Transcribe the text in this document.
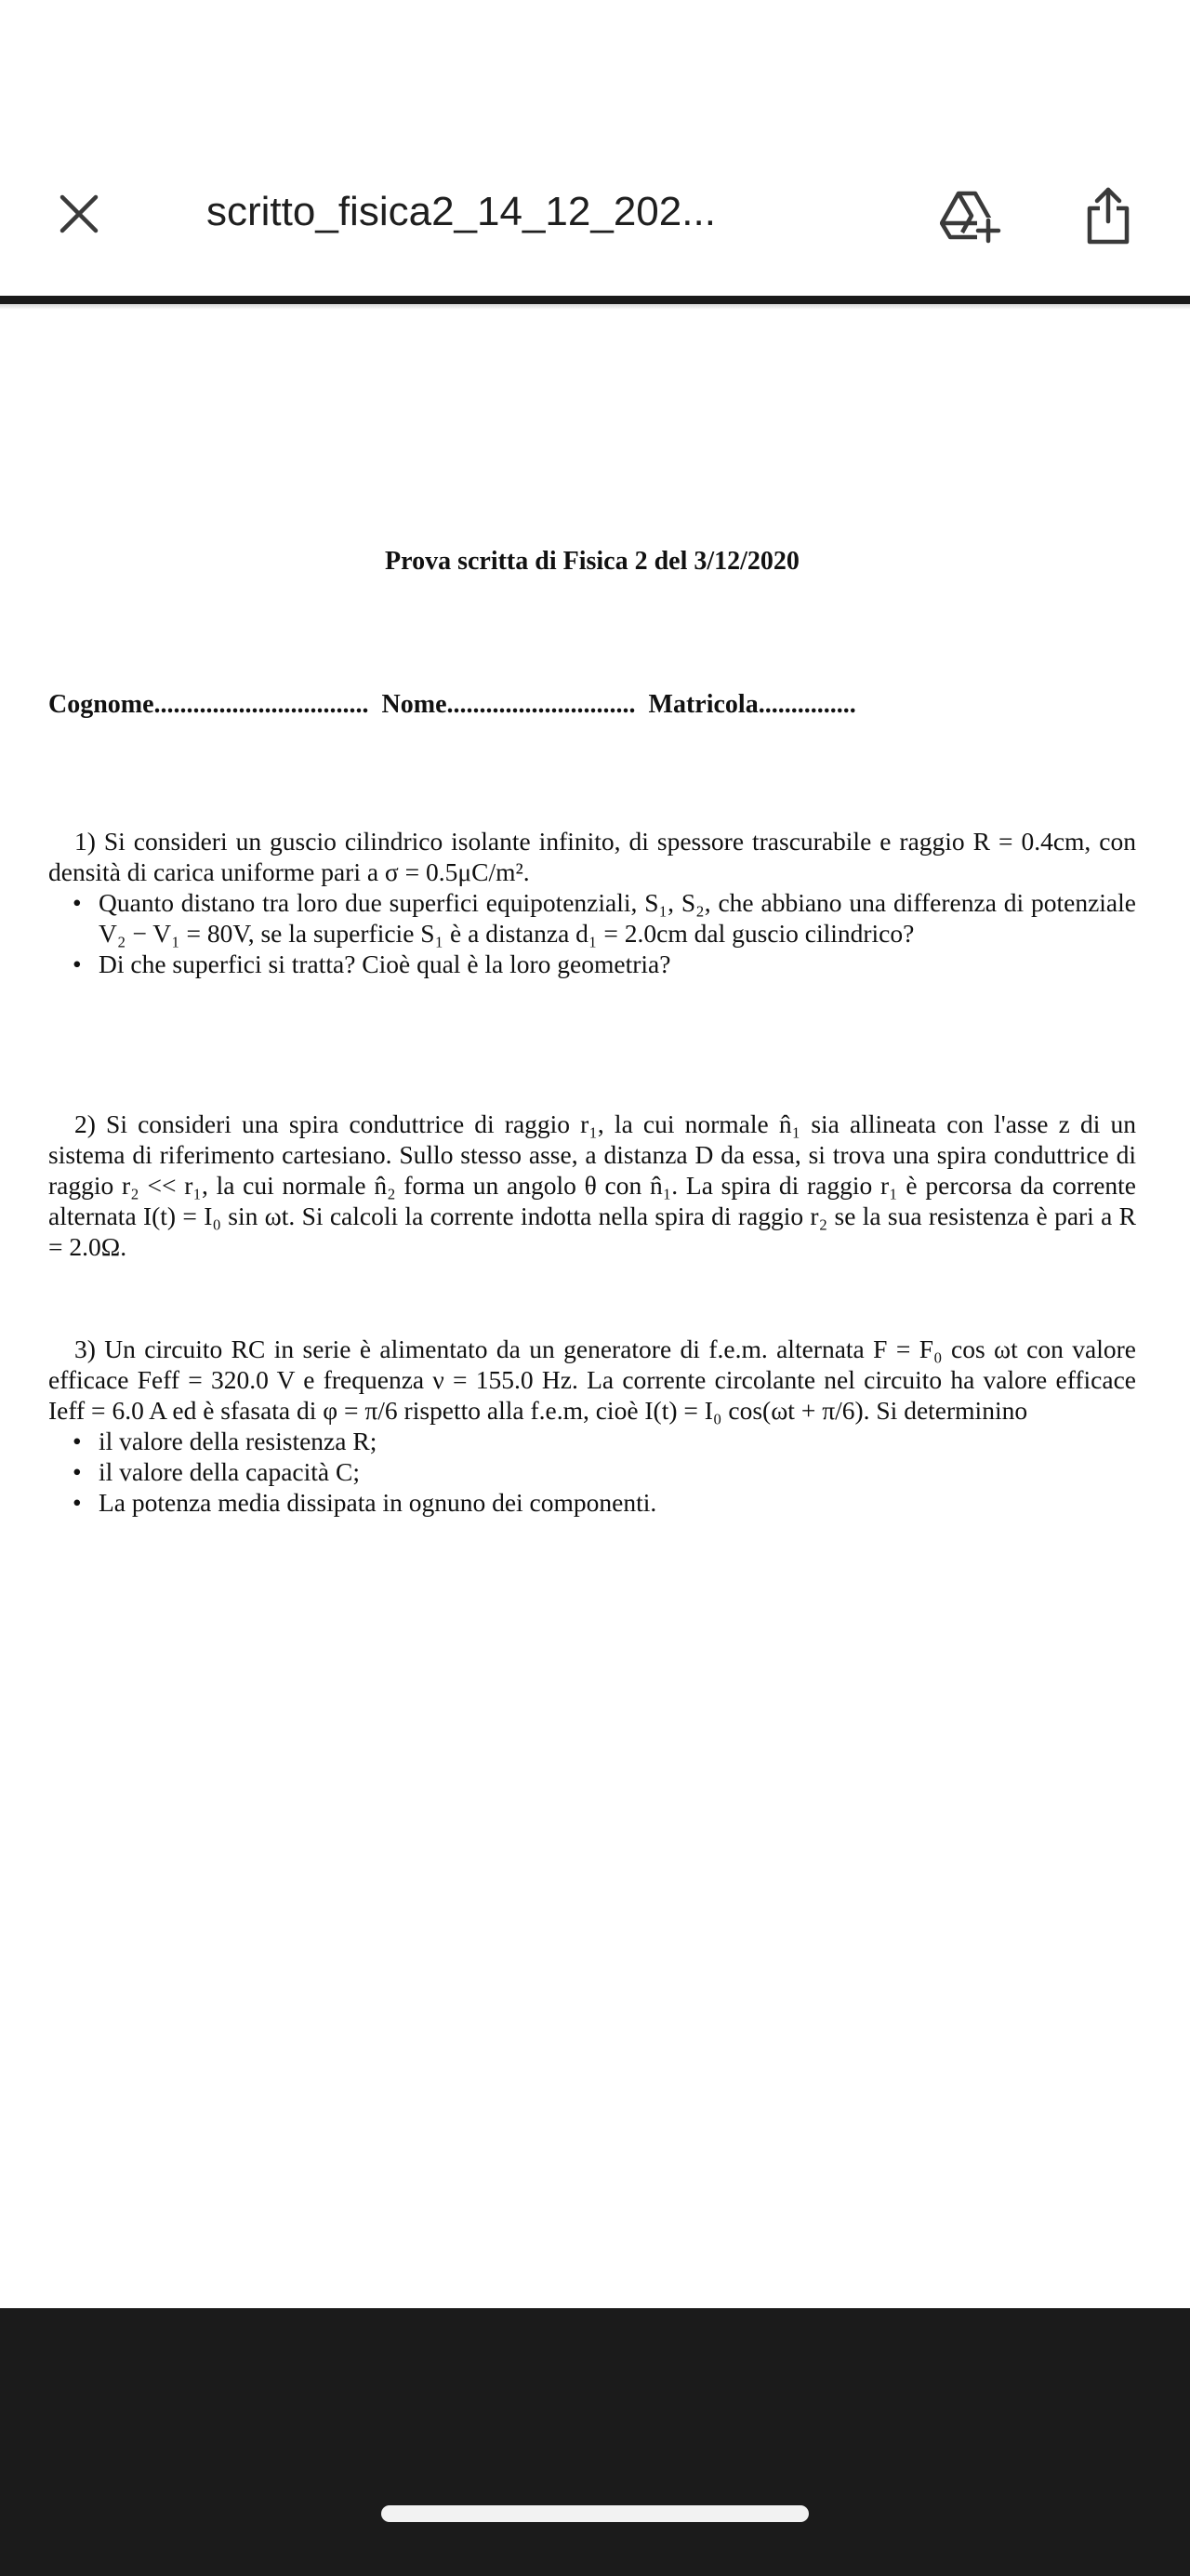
scritto_fisica2_14_12_202...
Prova scritta di Fisica 2 del 3/12/2020
Cognome................................. Nome............................. Matricola...............

1) Si consideri un guscio cilindrico isolante infinito, di spessore trascurabile e raggio R = 0.4cm, con densità di carica uniforme pari a σ = 0.5μC/m².

• Quanto distano tra loro due superfici equipotenziali, S₁, S₂, che abbiano una differenza di potenziale V₂ − V₁ = 80V, se la superficie S₁ è a distanza d₁ = 2.0cm dal guscio cilindrico?
• Di che superfici si tratta? Cioè qual è la loro geometria?

2) Si consideri una spira conduttrice di raggio r₁, la cui normale n̂₁ sia allineata con l'asse z di un sistema di riferimento cartesiano. Sullo stesso asse, a distanza D da essa, si trova una spira conduttrice di raggio r₂ << r₁, la cui normale n̂₂ forma un angolo θ con n̂₁. La spira di raggio r₁ è percorsa da corrente alternata I(t) = I₀ sin ωt. Si calcoli la corrente indotta nella spira di raggio r₂ se la sua resistenza è pari a R = 2.0Ω.

3) Un circuito RC in serie è alimentato da un generatore di f.e.m. alternata F = F₀ cos ωt con valore efficace Feff = 320.0 V e frequenza ν = 155.0 Hz. La corrente circolante nel circuito ha valore efficace Ieff = 6.0 A ed è sfasata di φ = π/6 rispetto alla f.e.m, cioè I(t) = I₀ cos(ωt + π/6). Si determinino

• il valore della resistenza R;
• il valore della capacità C;
• La potenza media dissipata in ognuno dei componenti.
